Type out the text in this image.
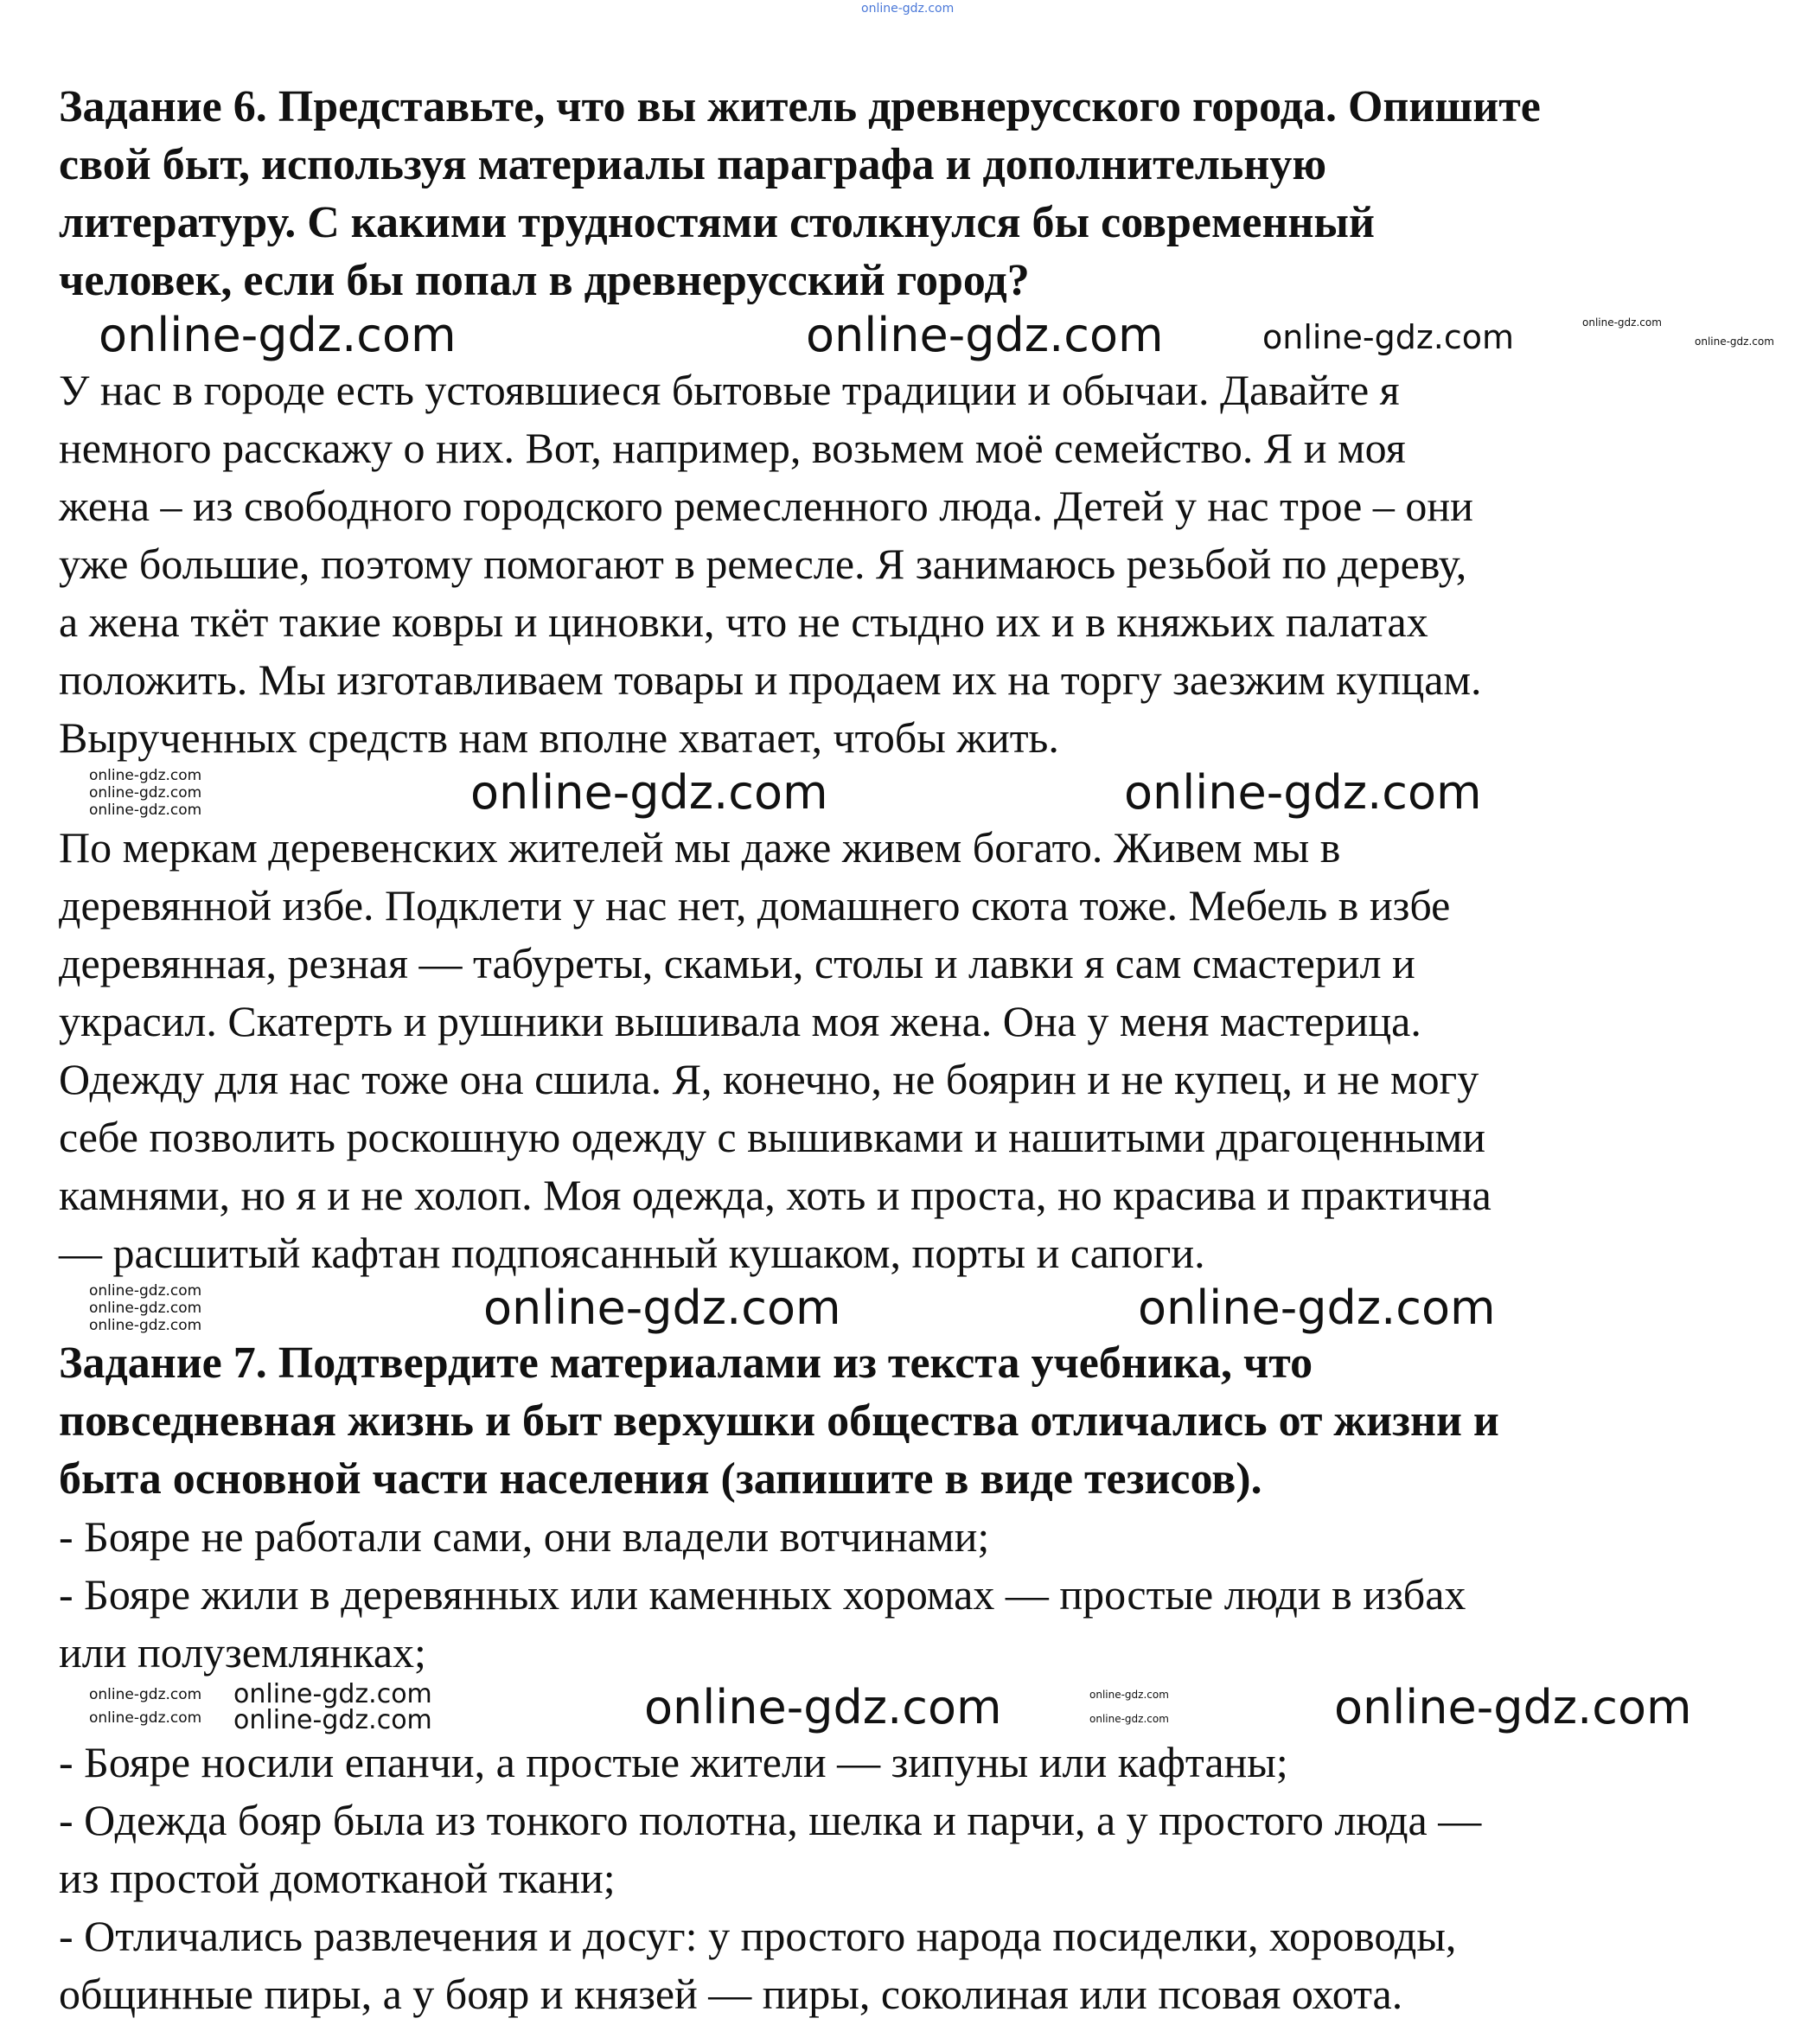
online-gdz.com
Задание 6. Представьте, что вы житель древнерусского города. Опишите
свой быт, используя материалы параграфа и дополнительную
литературу. С какими трудностями столкнулся бы современный
человек, если бы попал в древнерусский город?
online-gdz.com	online-gdz.com	online-gdz.com	online-gdz.com
online-gdz.com
У нас в городе есть устоявшиеся бытовые традиции и обычаи. Давайте я
немного расскажу о них. Вот, например, возьмем моё семейство. Я и моя
жена – из свободного городского ремесленного люда. Детей у нас трое – они
уже большие, поэтому помогают в ремесле. Я занимаюсь резьбой по дереву,
а жена ткёт такие ковры и циновки, что не стыдно их и в княжьих палатах
положить. Мы изготавливаем товары и продаем их на торгу заезжим купцам.
Вырученных средств нам вполне хватает, чтобы жить.
online-gdz.com
online-gdz.com
online-gdz.com	online-gdz.com	online-gdz.com
По меркам деревенских жителей мы даже живем богато. Живем мы в
деревянной избе. Подклети у нас нет, домашнего скота тоже. Мебель в избе
деревянная, резная — табуреты, скамьи, столы и лавки я сам смастерил и
украсил. Скатерть и рушники вышивала моя жена. Она у меня мастерица.
Одежду для нас тоже она сшила. Я, конечно, не боярин и не купец, и не могу
себе позволить роскошную одежду с вышивками и нашитыми драгоценными
камнями, но я и не холоп. Моя одежда, хоть и проста, но красива и практична
— расшитый кафтан подпоясанный кушаком, порты и сапоги.
online-gdz.com
online-gdz.com
online-gdz.com	online-gdz.com	online-gdz.com
Задание 7. Подтвердите материалами из текста учебника, что
повседневная жизнь и быт верхушки общества отличались от жизни и
быта основной части населения (запишите в виде тезисов).
- Бояре не работали сами, они владели вотчинами;
- Бояре жили в деревянных или каменных хоромах — простые люди в избах
или полуземлянках;
online-gdz.com
online-gdz.com
online-gdz.com
online-gdz.com	online-gdz.com	online-gdz.com
online-gdz.com	online-gdz.com
- Бояре носили епанчи, а простые жители — зипуны или кафтаны;
- Одежда бояр была из тонкого полотна, шелка и парчи, а у простого люда —
из простой домотканой ткани;
- Отличались развлечения и досуг: у простого народа посиделки, хороводы,
общинные пиры, а у бояр и князей — пиры, соколиная или псовая охота.
